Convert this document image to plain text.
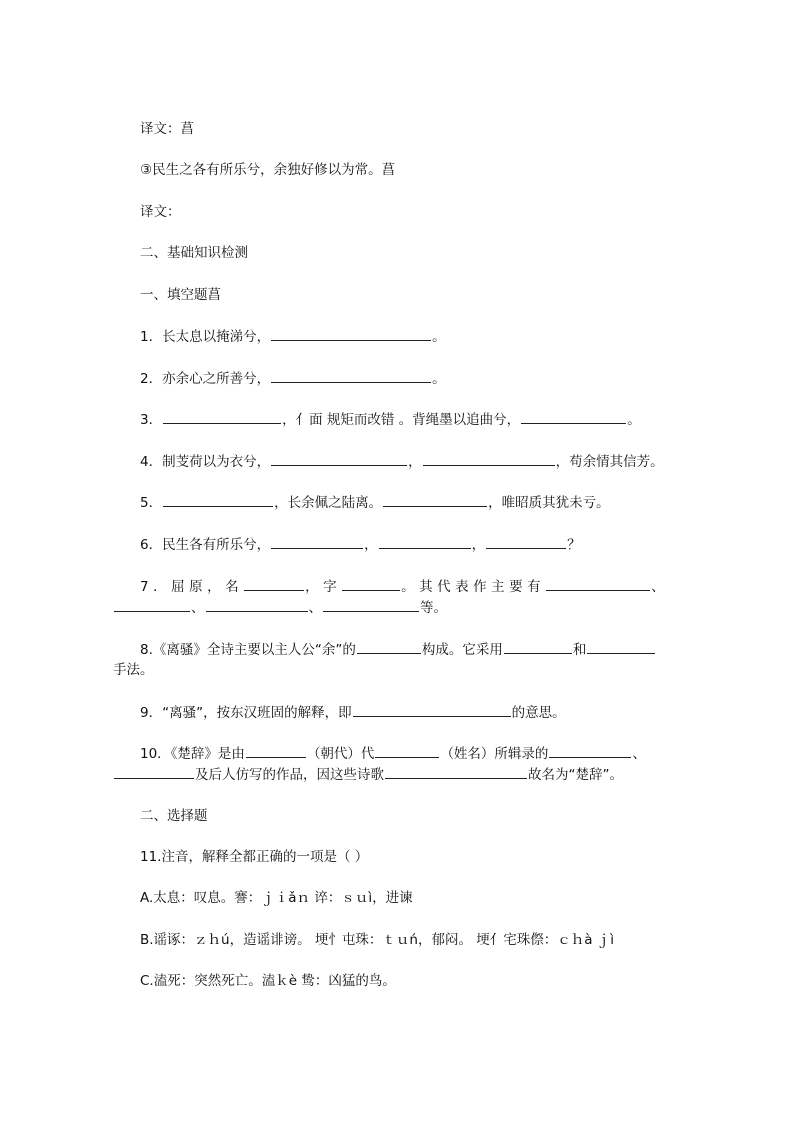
译文：菖
③民生之各有所乐兮，余独好修以为常。菖
译文：
二、基础知识检测
一、填空题菖
1．长太息以掩涕兮，	。
2．亦余心之所善兮，	。
3．	，亻面 规矩而改错 。背绳墨以追曲兮，	。
4．制芰荷以为衣兮，	，	，苟余情其信芳。
5．	，长余佩之陆离。	，唯昭质其犹未亏。
6．民生各有所乐兮，	，	，	？
7．屈原，名	，字	。其代表作主要有	、
、	、	等。
8.《离骚》全诗主要以主人公“余”的	构成。它采用	和
手法。
9．“离骚”，按东汉班固的解释，即	的意思。
10．《楚辞》是由	（朝代）代	（姓名）所辑录的	、
及后人仿写的作品，因这些诗歌	故名为“楚辞”。
二、选择题
11.注音，解释全都正确的一项是（ ）
A.太息：叹息。謇：ｊｉǎｎ 谇：ｓｕì，进谏
B.谣诼：ｚｈú，造谣诽谤。 埂忄屯珠：ｔｕń，郁闷。 埂亻宅珠傺：ｃｈà ｊì
C.溘死：突然死亡。溘ｋè 鸷：凶猛的鸟。
